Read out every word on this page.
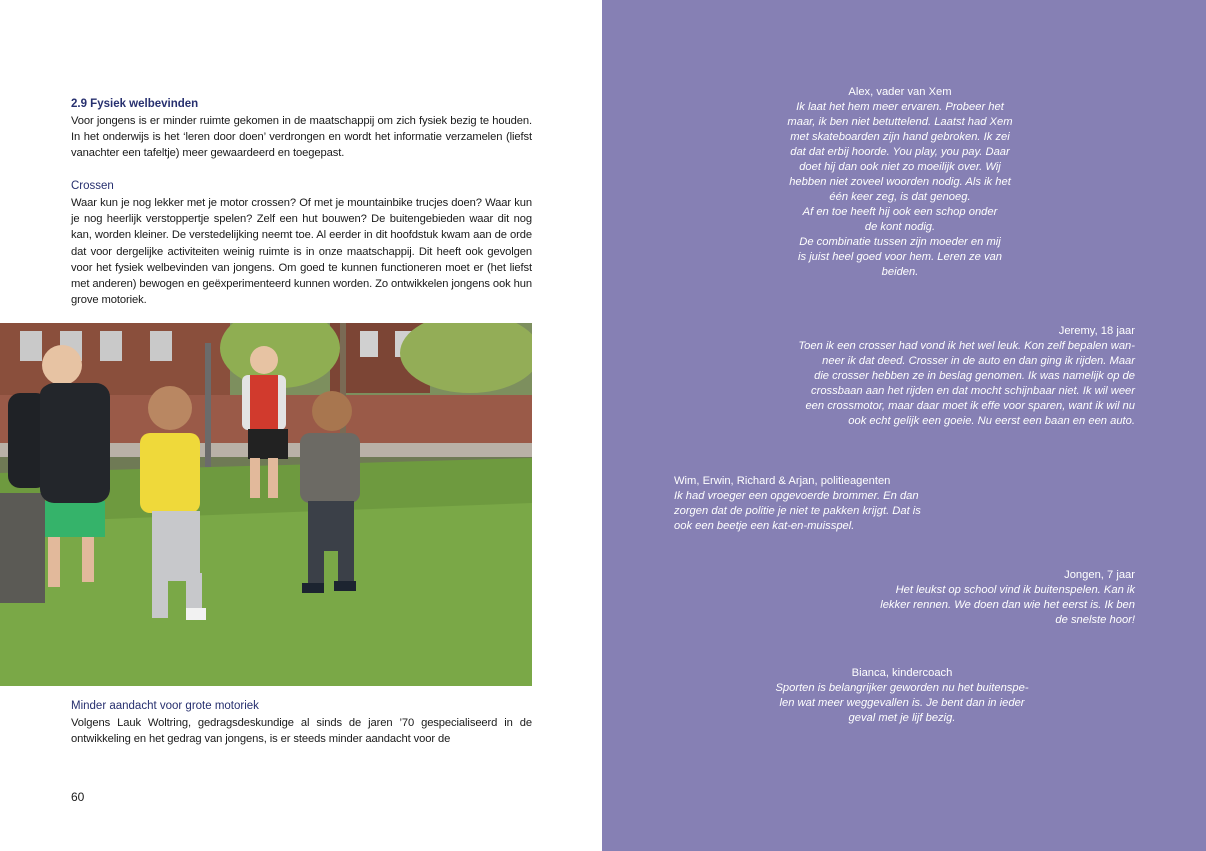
2.9 Fysiek welbevinden
Voor jongens is er minder ruimte gekomen in de maatschappij om zich fysiek bezig te houden. In het onderwijs is het ‘leren door doen’ verdrongen en wordt het informatie verzamelen (liefst vanachter een tafeltje) meer gewaardeerd en toegepast.
Crossen
Waar kun je nog lekker met je motor crossen? Of met je mountainbike trucjes doen? Waar kun je nog heerlijk verstoppertje spelen? Zelf een hut bouwen? De buitengebieden waar dit nog kan, worden kleiner. De verstedelijking neemt toe. Al eerder in dit hoofdstuk kwam aan de orde dat voor dergelijke activiteiten weinig ruimte is in onze maatschappij. Dit heeft ook gevolgen voor het fysiek welbevinden van jongens. Om goed te kunnen functioneren moet er (het liefst met anderen) bewogen en geëxperimenteerd kunnen worden. Zo ontwikkelen jongens ook hun grove motoriek.
Minder aandacht voor grote motoriek
Volgens Lauk Woltring, gedragsdeskundige al sinds de jaren ’70 gespecialiseerd in de ontwikkeling en het gedrag van jongens, is er steeds minder aandacht voor de
60
Alex, vader van Xem
Ik laat het hem meer ervaren. Probeer het
maar, ik ben niet betuttelend. Laatst had Xem
met skateboarden zijn hand gebroken. Ik zei
dat dat erbij hoorde. You play, you pay. Daar
doet hij dan ook niet zo moeilijk over. Wij
hebben niet zoveel woorden nodig. Als ik het
één keer zeg, is dat genoeg.
Af en toe heeft hij ook een schop onder
de kont nodig.
De combinatie tussen zijn moeder en mij
is juist heel goed voor hem. Leren ze van
beiden.
Jeremy, 18 jaar
Toen ik een crosser had vond ik het wel leuk. Kon zelf bepalen wan-
neer ik dat deed. Crosser in de auto en dan ging ik rijden. Maar
die crosser hebben ze in beslag genomen. Ik was namelijk op de
crossbaan aan het rijden en dat mocht schijnbaar niet. Ik wil weer
een crossmotor, maar daar moet ik effe voor sparen, want ik wil nu
ook echt gelijk een goeie. Nu eerst een baan en een auto.
Wim, Erwin, Richard & Arjan, politieagenten
Ik had vroeger een opgevoerde brommer. En dan
zorgen dat de politie je niet te pakken krijgt. Dat is
ook een beetje een kat-en-muisspel.
Jongen, 7 jaar
Het leukst op school vind ik buitenspelen. Kan ik
lekker rennen. We doen dan wie het eerst is. Ik ben
de snelste hoor!
Bianca, kindercoach
Sporten is belangrijker geworden nu het buitenspe-
len wat meer weggevallen is. Je bent dan in ieder
geval met je lijf bezig.
